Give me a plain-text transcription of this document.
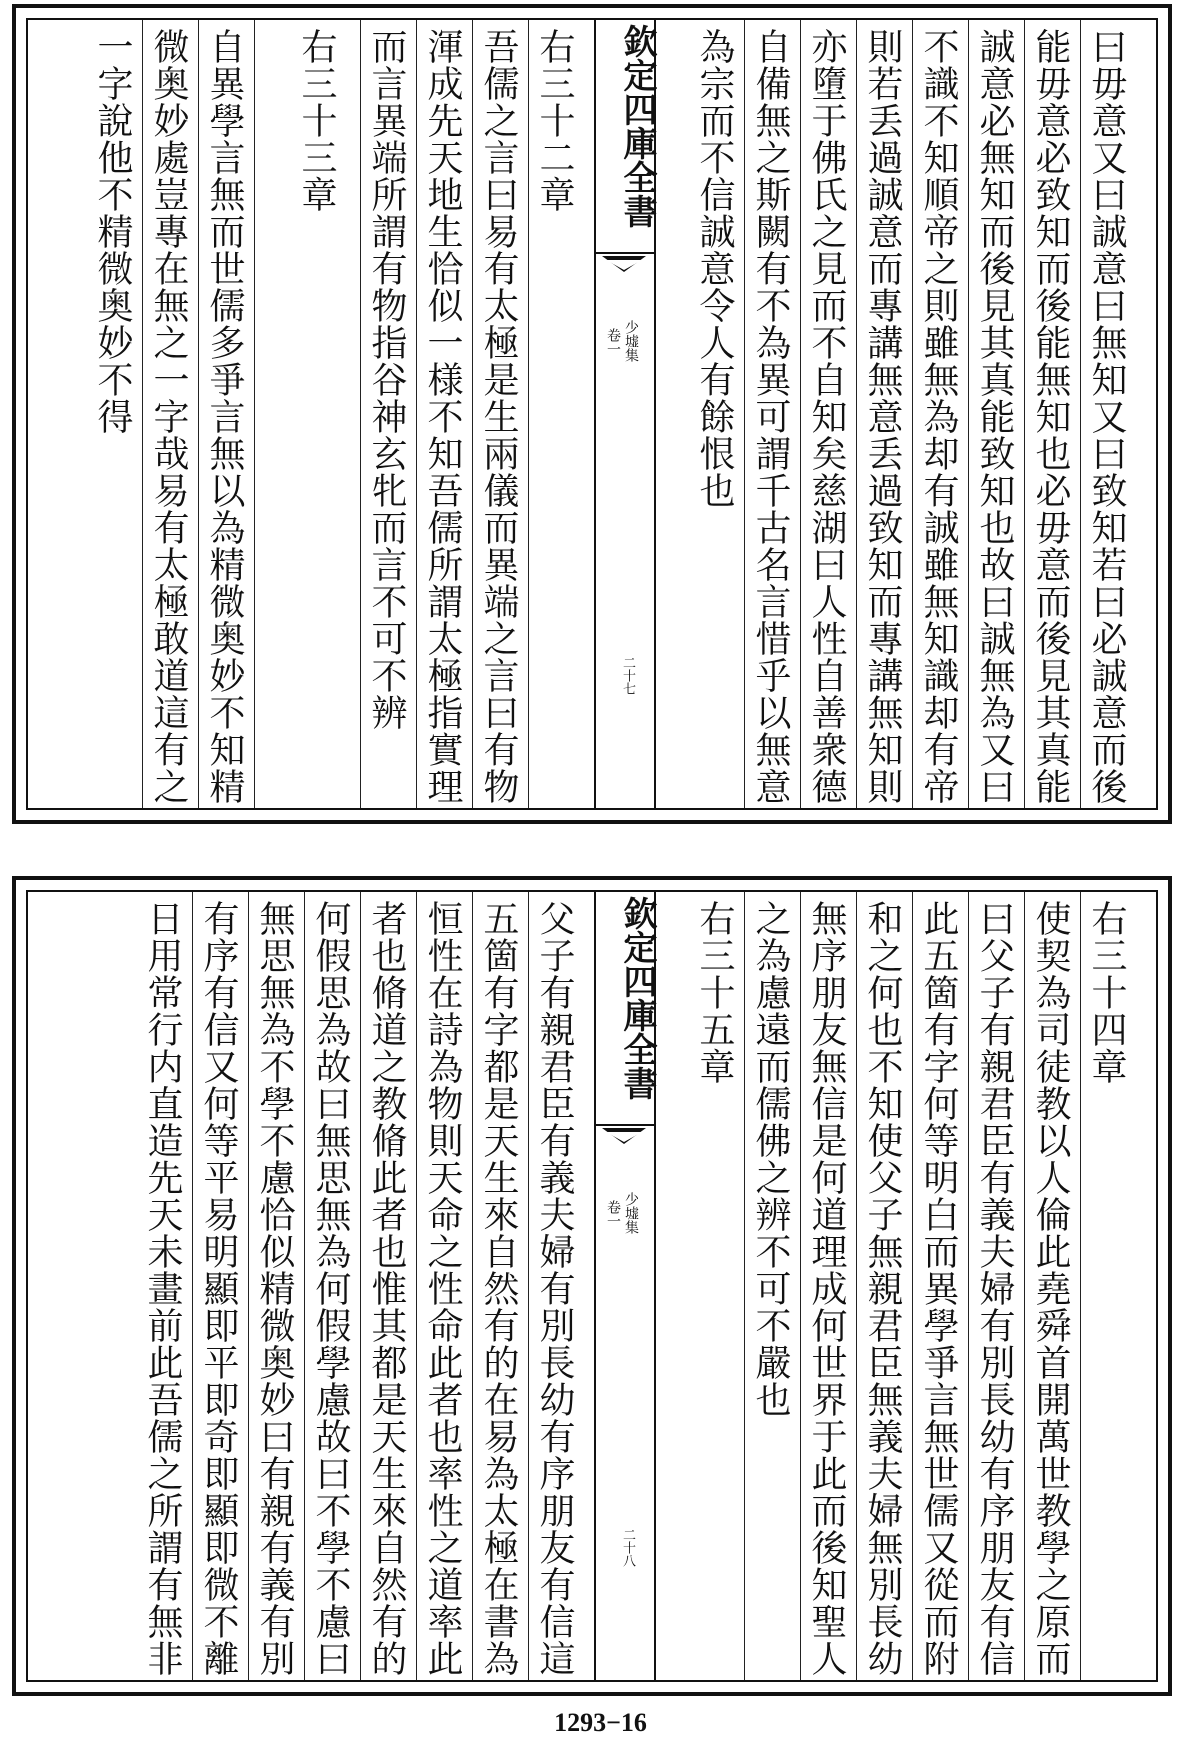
曰毋意又曰誠意曰無知又曰致知若曰必誠意而後
能毋意必致知而後能無知也必毋意而後見其真能
誠意必無知而後見其真能致知也故曰誠無為又曰
不識不知順帝之則雖無為却有誠雖無知識却有帝
則若丢過誠意而專講無意丢過致知而專講無知則
亦墮于佛氏之見而不自知矣慈湖曰人性自善衆德
自備無之斯闕有不為異可謂千古名言惜乎以無意
為宗而不信誠意令人有餘恨也
欽定四庫全書
少墟集
卷一
二十七
右三十二章
吾儒之言曰易有太極是生兩儀而異端之言曰有物
渾成先天地生恰似一様不知吾儒所謂太極指實理
而言異端所謂有物指谷神玄牝而言不可不辨
右三十三章
自異學言無而世儒多爭言無以為精微奥妙不知精
微奥妙處豈專在無之一字哉易有太極敢道這有之
一字說他不精微奥妙不得
右三十四章
使契為司徒教以人倫此堯舜首開萬世教學之原而
曰父子有親君臣有義夫婦有別長幼有序朋友有信
此五箇有字何等明白而異學爭言無世儒又從而附
和之何也不知使父子無親君臣無義夫婦無別長幼
無序朋友無信是何道理成何世界于此而後知聖人
之為慮遠而儒佛之辨不可不嚴也
右三十五章
欽定四庫全書
少墟集
卷一
二十八
父子有親君臣有義夫婦有別長幼有序朋友有信這
五箇有字都是天生來自然有的在易為太極在書為
恒性在詩為物則天命之性命此者也率性之道率此
者也脩道之教脩此者也惟其都是天生來自然有的
何假思為故曰無思無為何假學慮故曰不學不慮曰
無思無為不學不慮恰似精微奥妙曰有親有義有別
有序有信又何等平易明顯即平即奇即顯即微不離
日用常行内直造先天未畫前此吾儒之所謂有無非
1293−16
